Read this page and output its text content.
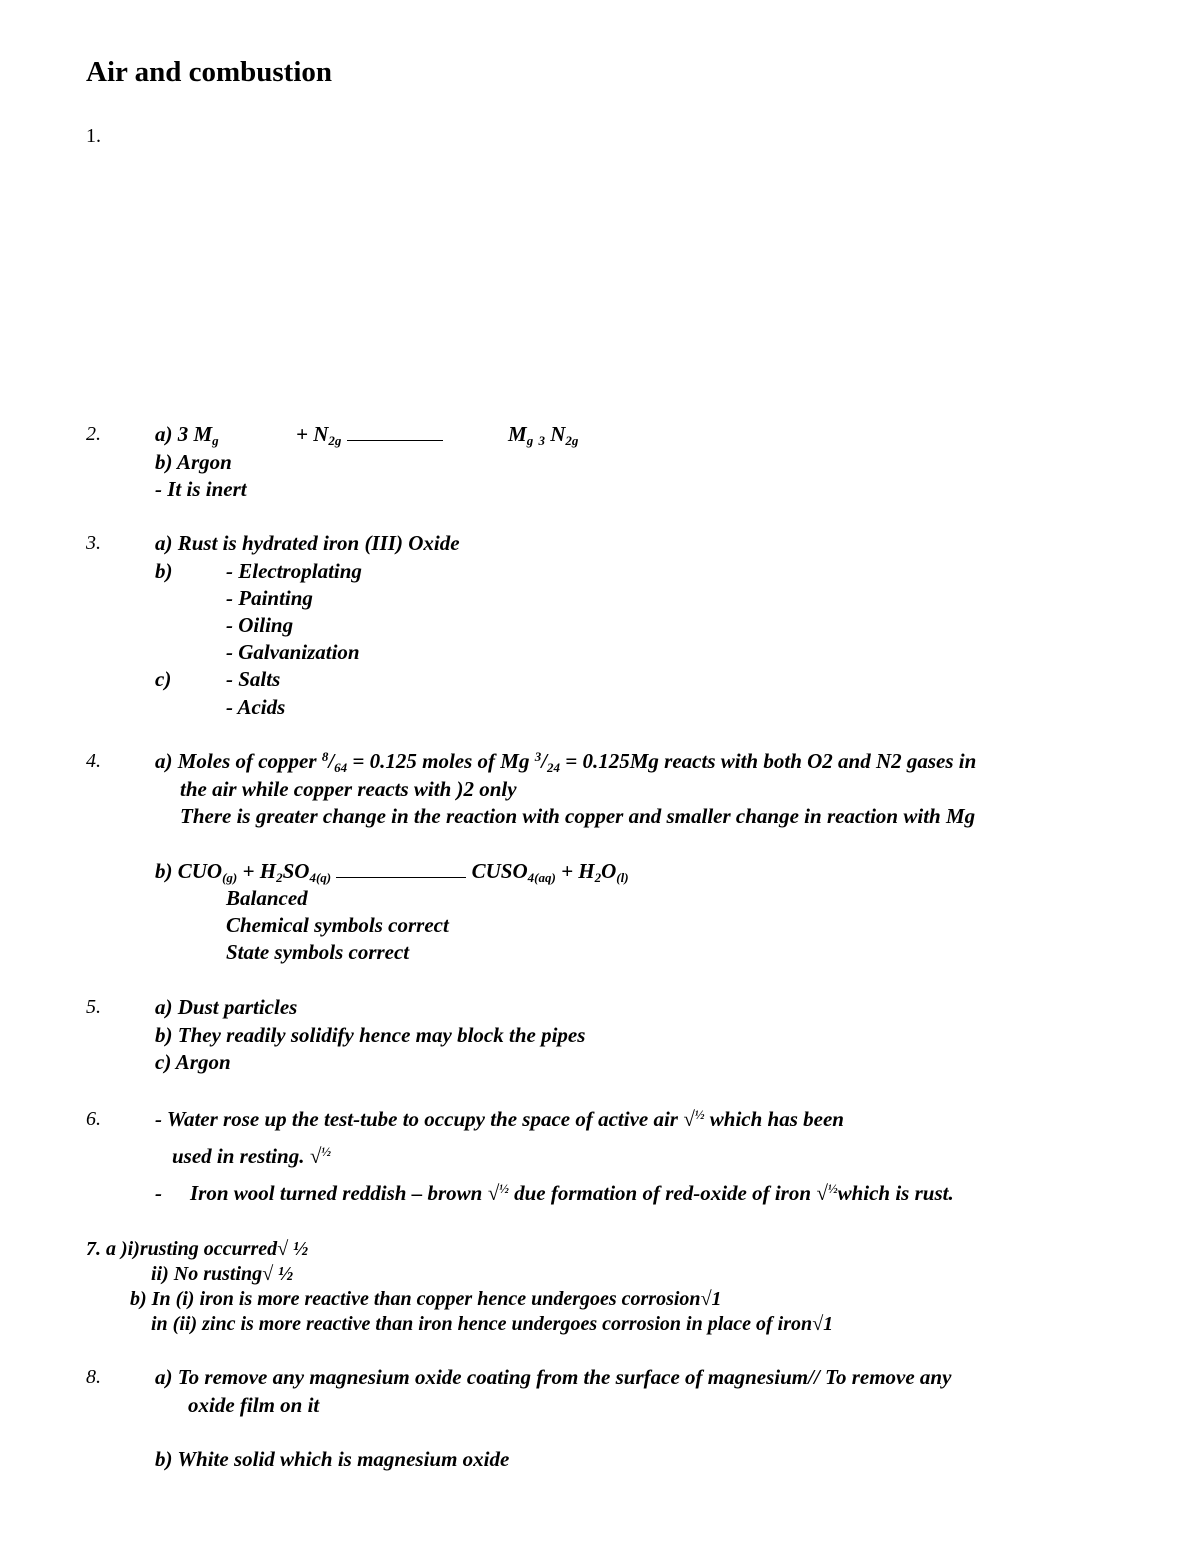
Air and combustion
1.
2.	a) 3 $M_g$	+ $N_{2g}$	$M_g$ $_3$ $N_{2g}$
b) Argon
- It is inert
3.	a) Rust is hydrated iron (III) Oxide
b)	- Electroplating
- Painting
- Oiling
- Galvanization
c)	- Salts
- Acids
4.	a) Moles of copper $^8/_{64} = 0.125$ moles of Mg $^3/_{24} = 0.125Mg$ reacts with both O2 and N2 gases in
the air while copper reacts with )2 only
There is greater change in the reaction with copper and smaller change in reaction with Mg
b) $CUO_{(g)} + H_2SO_{4(q)}$	$CUSO_{4(aq)} + H_2O_{(l)}$
Balanced
Chemical symbols correct
State symbols correct
5.	a) Dust particles
b) They readily solidify hence may block the pipes
c) Argon
6.	- Water rose up the test-tube to occupy the space of active air √$^{\frac{1}{2}}$ which has been
used in resting. √$^{\frac{1}{2}}$
- Iron wool turned reddish – brown √$^{\frac{1}{2}}$ due formation of red-oxide of iron √$^{\frac{1}{2}}$which is rust.
7. a )i)rusting occurred√ ½
ii) No rusting√ ½
b) In (i) iron is more reactive than copper hence undergoes corrosion√1
in (ii) zinc is more reactive than iron hence undergoes corrosion in place of iron√1
8.	a) To remove any magnesium oxide coating from the surface of magnesium// To remove any
oxide film on it
b) White solid which is magnesium oxide
